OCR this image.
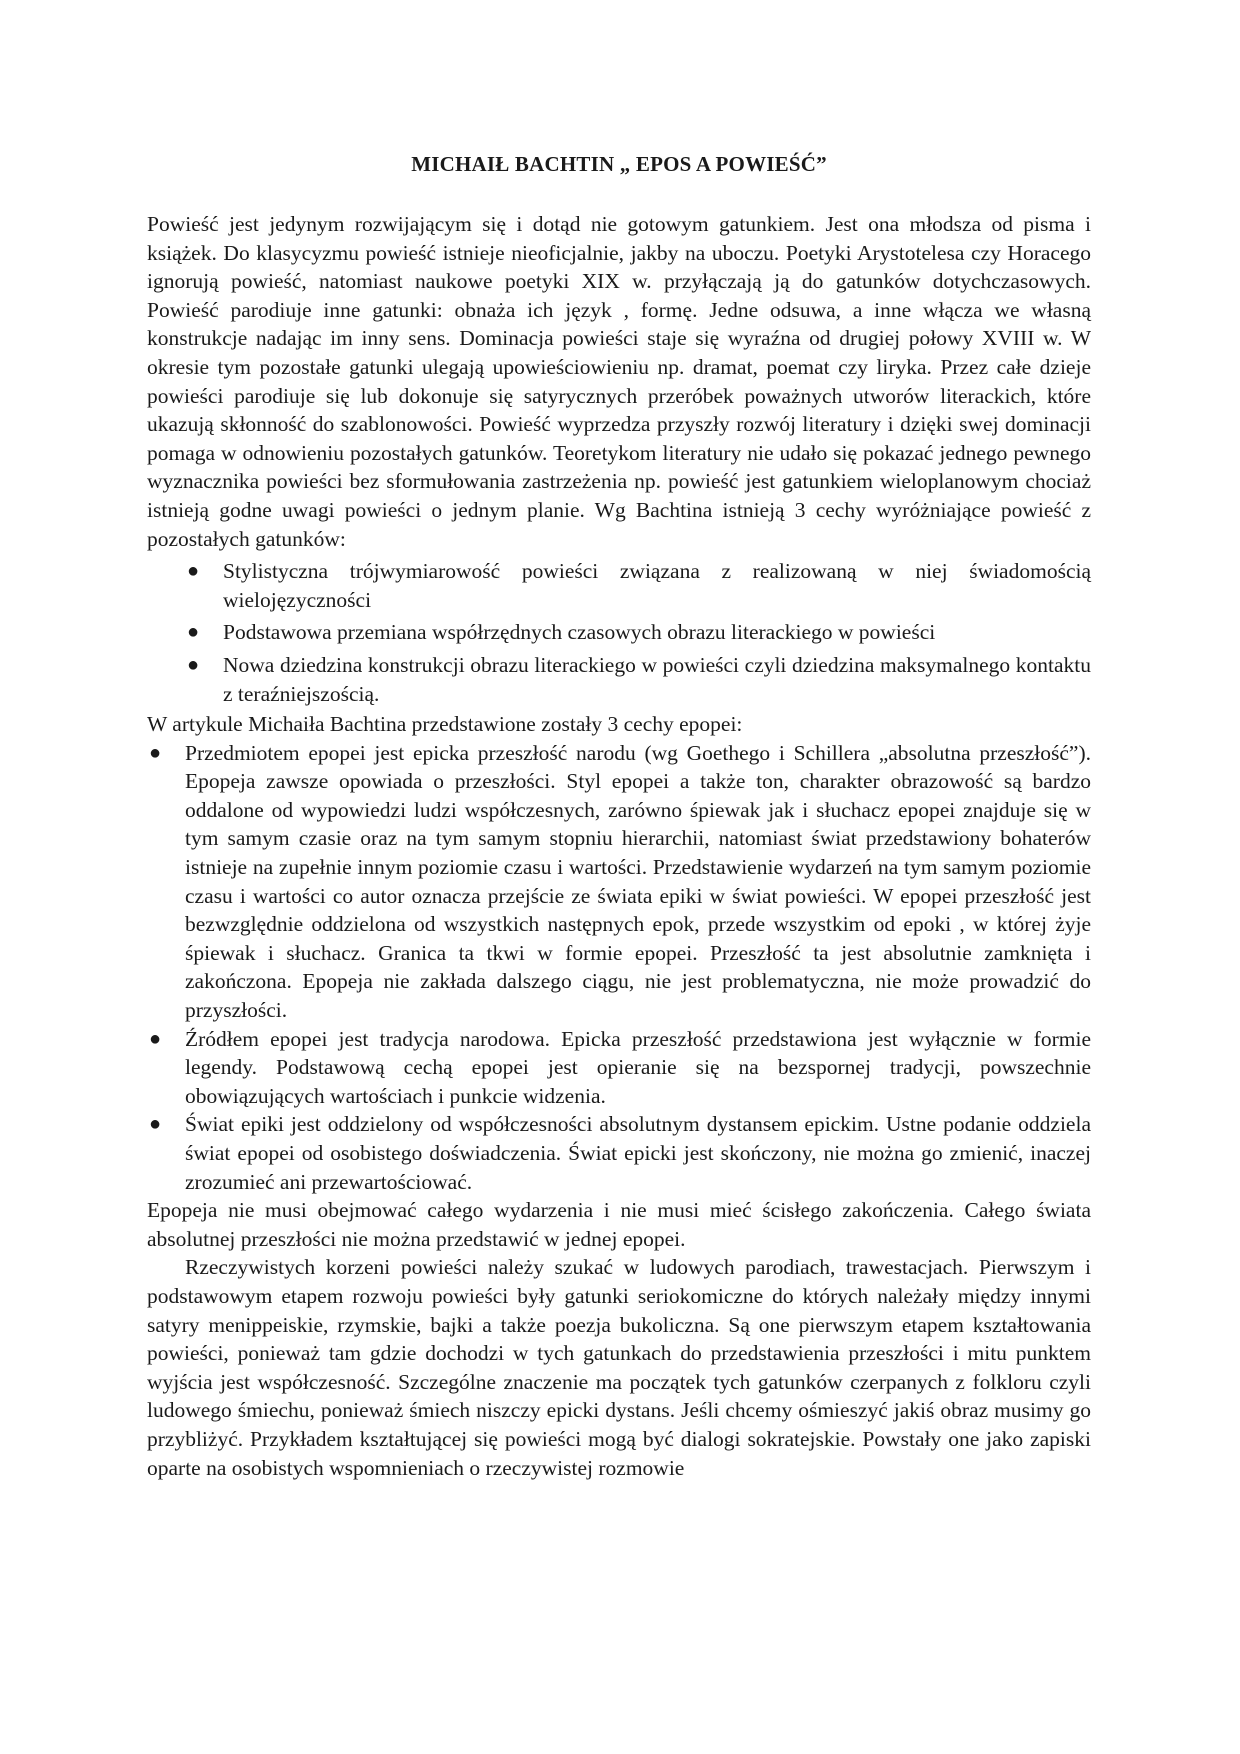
MICHAIŁ BACHTIN „ EPOS A POWIEŚĆ”

Powieść jest jedynym rozwijającym się i dotąd nie gotowym gatunkiem. Jest ona młodsza od pisma i książek. Do klasycyzmu powieść istnieje nieoficjalnie, jakby na uboczu. Poetyki Arystotelesa czy Horacego ignorują powieść, natomiast naukowe poetyki XIX w. przyłączają ją do gatunków dotychczasowych. Powieść parodiuje inne gatunki: obnaża ich język , formę. Jedne odsuwa, a inne włącza we własną konstrukcje nadając im inny sens. Dominacja powieści staje się wyraźna od drugiej połowy XVIII w. W okresie tym pozostałe gatunki ulegają upowieściowieniu np. dramat, poemat czy liryka. Przez całe dzieje powieści parodiuje się lub dokonuje się satyrycznych przeróbek poważnych utworów literackich, które ukazują skłonność do szablonowości. Powieść wyprzedza przyszły rozwój literatury i dzięki swej dominacji pomaga w odnowieniu pozostałych gatunków. Teoretykom literatury nie udało się pokazać jednego pewnego wyznacznika powieści bez sformułowania zastrzeżenia np. powieść jest gatunkiem wieloplanowym chociaż istnieją godne uwagi powieści o jednym planie. Wg Bachtina istnieją 3 cechy wyróżniające powieść z pozostałych gatunków:

● Stylistyczna trójwymiarowość powieści związana z realizowaną w niej świadomością wielojęzyczności
● Podstawowa przemiana współrzędnych czasowych obrazu literackiego w powieści
● Nowa dziedzina konstrukcji obrazu literackiego w powieści czyli dziedzina maksymalnego kontaktu z teraźniejszością.

W artykule Michaiła Bachtina przedstawione zostały 3 cechy epopei:

● Przedmiotem epopei jest epicka przeszłość narodu (wg Goethego i Schillera „absolutna przeszłość”). Epopeja zawsze opowiada o przeszłości. Styl epopei a także ton, charakter obrazowość są bardzo oddalone od wypowiedzi ludzi współczesnych, zarówno śpiewak jak i słuchacz epopei znajduje się w tym samym czasie oraz na tym samym stopniu hierarchii, natomiast świat przedstawiony bohaterów istnieje na zupełnie innym poziomie czasu i wartości. Przedstawienie wydarzeń na tym samym poziomie czasu i wartości co autor oznacza przejście ze świata epiki w świat powieści. W epopei przeszłość jest bezwzględnie oddzielona od wszystkich następnych epok, przede wszystkim od epoki , w której żyje śpiewak i słuchacz. Granica ta tkwi w formie epopei. Przeszłość ta jest absolutnie zamknięta i zakończona. Epopeja nie zakłada dalszego ciągu, nie jest problematyczna, nie może prowadzić do przyszłości.
● Źródłem epopei jest tradycja narodowa. Epicka przeszłość przedstawiona jest wyłącznie w formie legendy. Podstawową cechą epopei jest opieranie się na bezspornej tradycji, powszechnie obowiązujących wartościach i punkcie widzenia.
● Świat epiki jest oddzielony od współczesności absolutnym dystansem epickim. Ustne podanie oddziela świat epopei od osobistego doświadczenia. Świat epicki jest skończony, nie można go zmienić, inaczej zrozumieć ani przewartościować.

Epopeja nie musi obejmować całego wydarzenia i nie musi mieć ścisłego zakończenia. Całego świata absolutnej przeszłości nie można przedstawić w jednej epopei.

Rzeczywistych korzeni powieści należy szukać w ludowych parodiach, trawestacjach. Pierwszym i podstawowym etapem rozwoju powieści były gatunki seriokomiczne do których należały między innymi satyry menippeiskie, rzymskie, bajki a także poezja bukoliczna. Są one pierwszym etapem kształtowania powieści, ponieważ tam gdzie dochodzi w tych gatunkach do przedstawienia przeszłości i mitu punktem wyjścia jest współczesność. Szczególne znaczenie ma początek tych gatunków czerpanych z folkloru czyli ludowego śmiechu, ponieważ śmiech niszczy epicki dystans. Jeśli chcemy ośmieszyć jakiś obraz musimy go przybliżyć. Przykładem kształtującej się powieści mogą być dialogi sokratejskie. Powstały one jako zapiski oparte na osobistych wspomnieniach o rzeczywistej rozmowie
